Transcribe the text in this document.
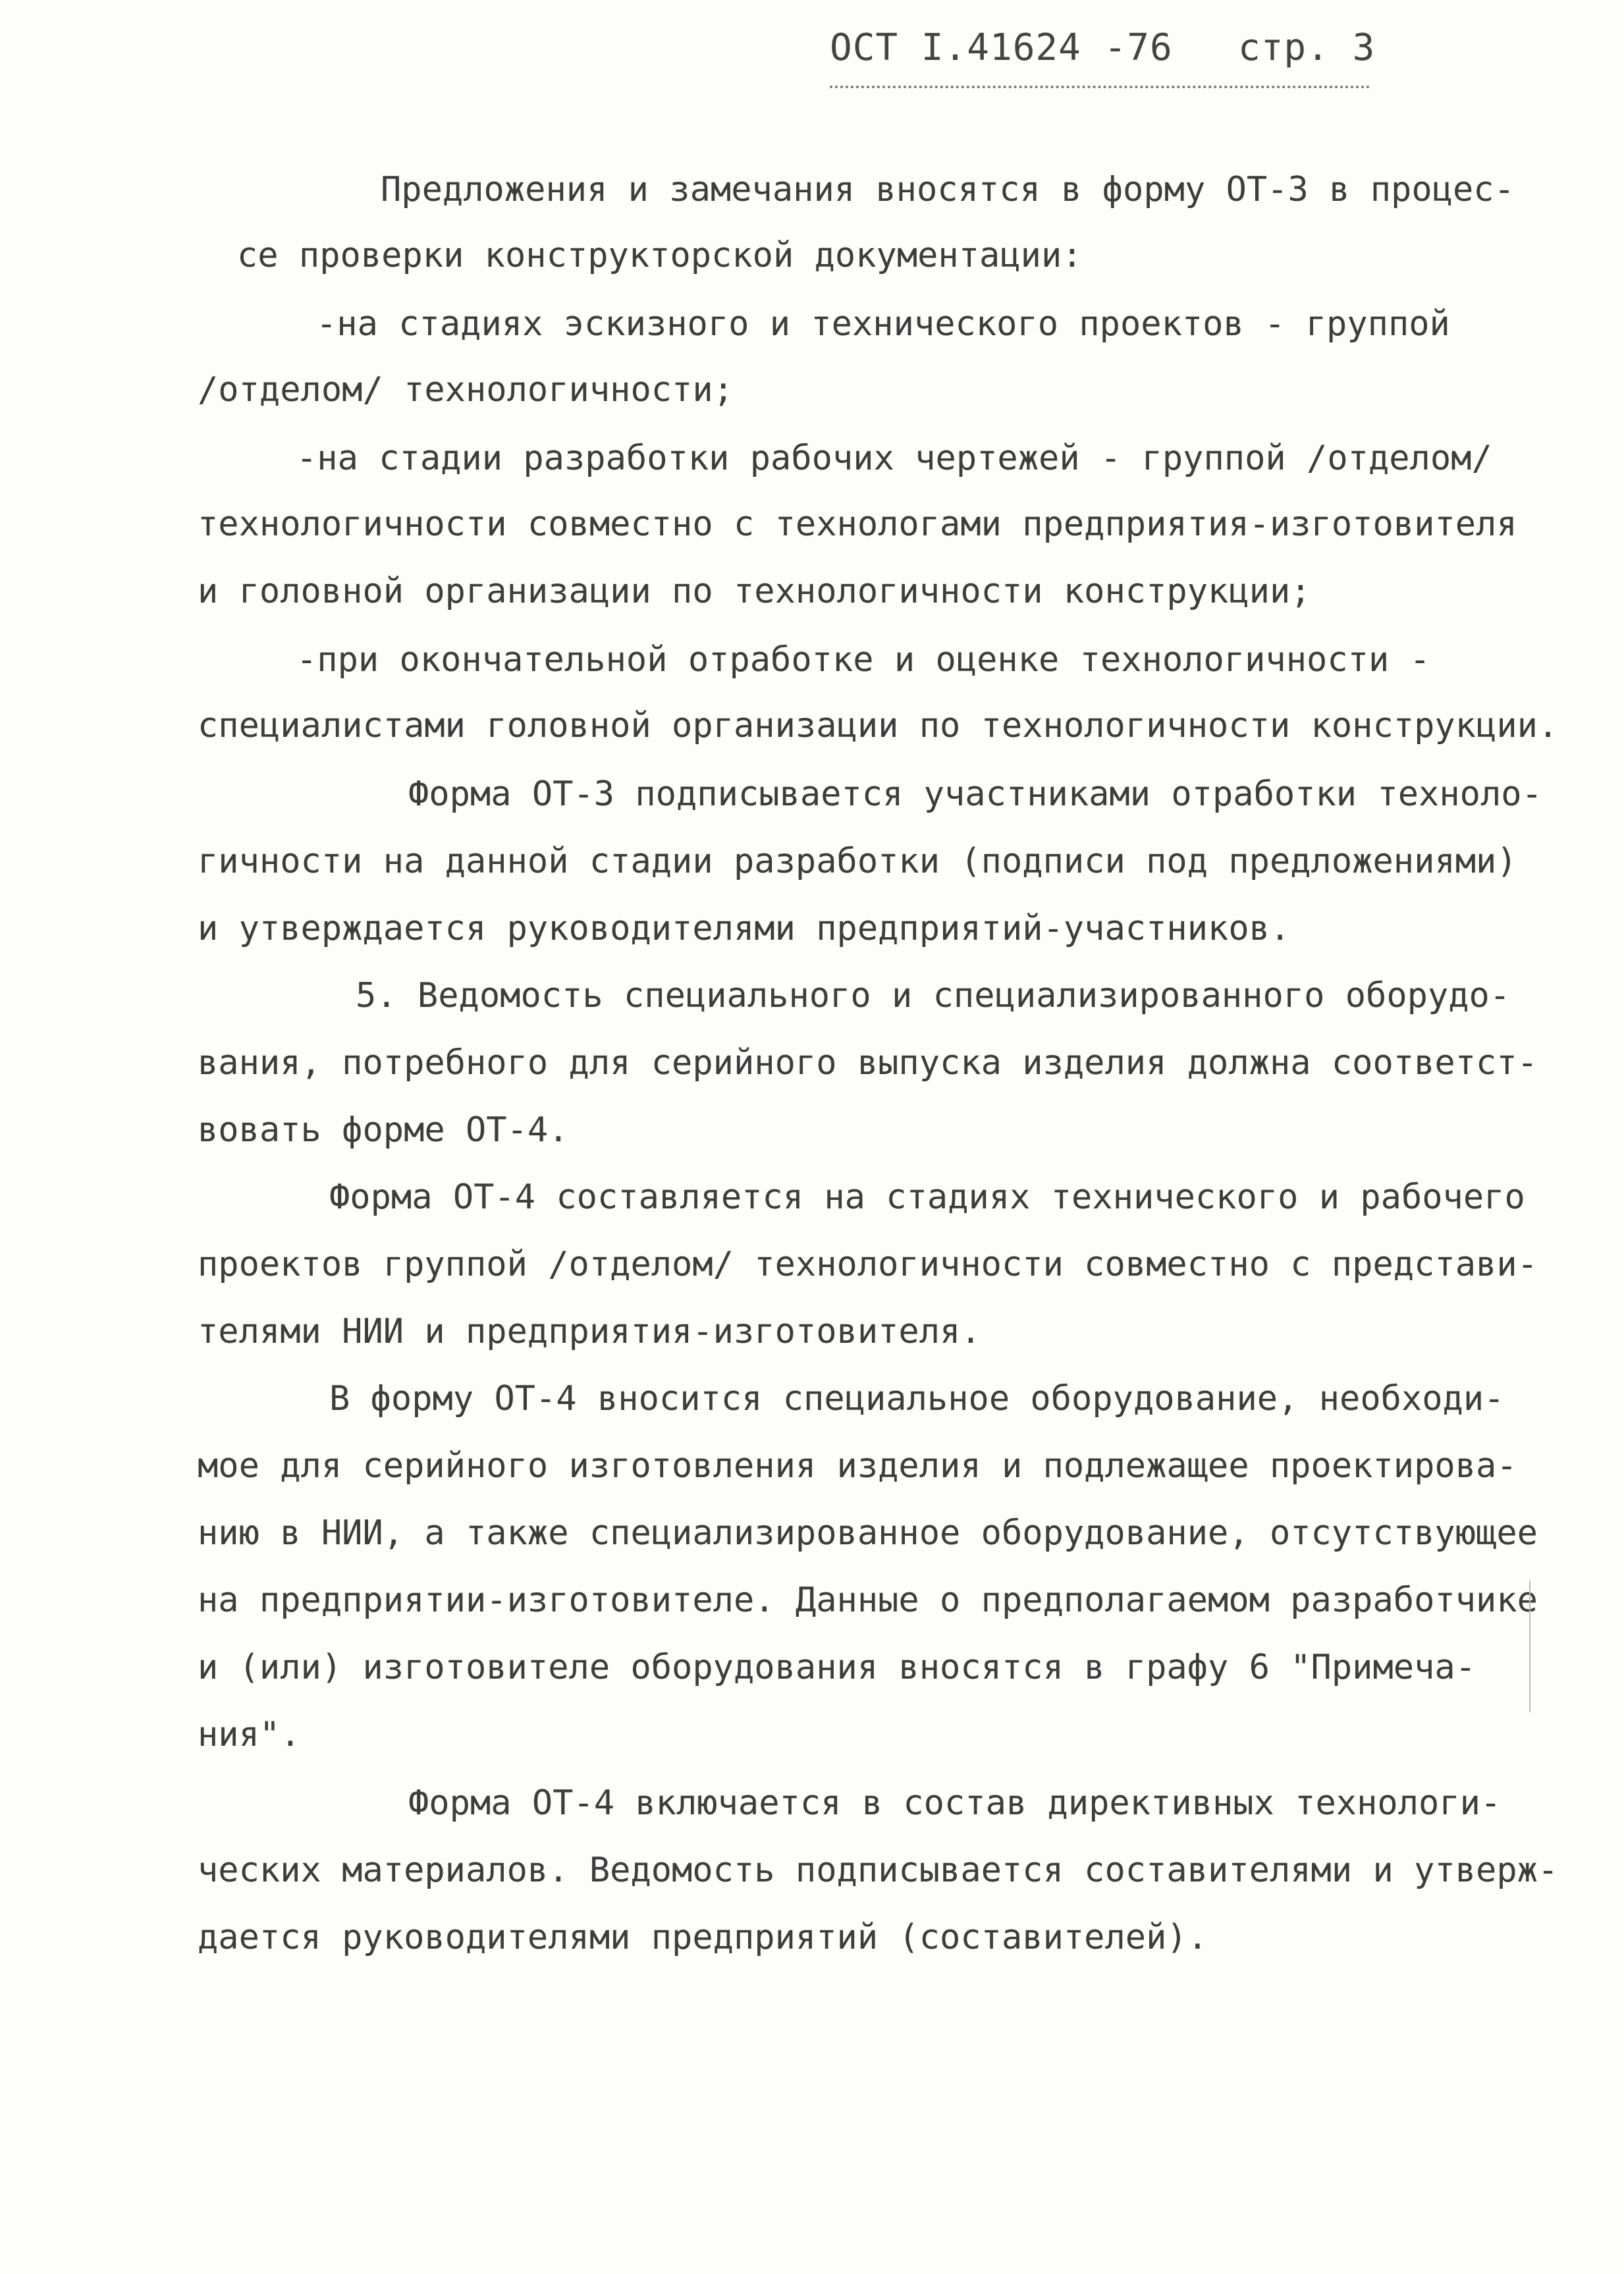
ОСТ I.41624 -76 стр. 3
Предложения и замечания вносятся в форму ОТ-3 в процес-
се проверки конструкторской документации:
-на стадиях эскизного и технического проектов - группой
/отделом/ технологичности;
-на стадии разработки рабочих чертежей - группой /отделом/
технологичности совместно с технологами предприятия-изготовителя
и головной организации по технологичности конструкции;
-при окончательной отработке и оценке технологичности -
специалистами головной организации по технологичности конструкции.
Форма ОТ-3 подписывается участниками отработки техноло-
гичности на данной стадии разработки (подписи под предложениями)
и утверждается руководителями предприятий-участников.
5. Ведомость специального и специализированного оборудо-
вания, потребного для серийного выпуска изделия должна соответст-
вовать форме ОТ-4.
Форма ОТ-4 составляется на стадиях технического и рабочего
проектов группой /отделом/ технологичности совместно с представи-
телями НИИ и предприятия-изготовителя.
В форму ОТ-4 вносится специальное оборудование, необходи-
мое для серийного изготовления изделия и подлежащее проектирова-
нию в НИИ, а также специализированное оборудование, отсутствующее
на предприятии-изготовителе. Данные о предполагаемом разработчике
и (или) изготовителе оборудования вносятся в графу 6 "Примеча-
ния".
Форма ОТ-4 включается в состав директивных технологи-
ческих материалов. Ведомость подписывается составителями и утверж-
дается руководителями предприятий (составителей).
